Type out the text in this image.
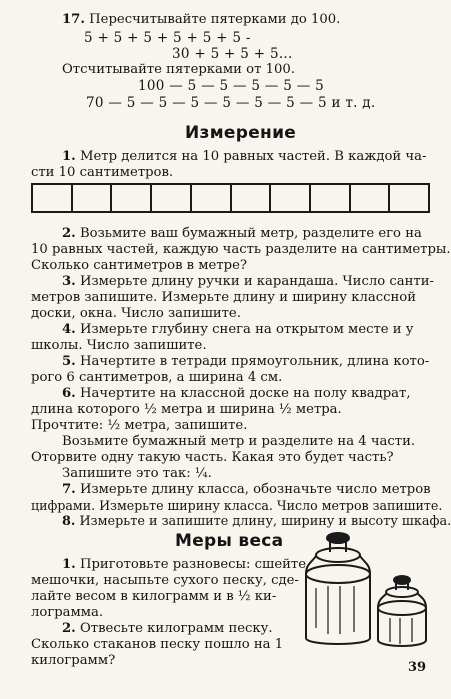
17. Пересчитывайте пятерками до 100.
5 + 5 + 5 + 5 + 5 + 5 -
30 + 5 + 5 + 5...
Отсчитывайте пятерками от 100.
100 — 5 — 5 — 5 — 5 — 5
70 — 5 — 5 — 5 — 5 — 5 — 5 — 5 и т. д.
Измерение
1. Метр делится на 10 равных частей. В каждой ча-
сти 10 сантиметров.
2. Возьмите ваш бумажный метр, разделите его на
10 равных частей, каждую часть разделите на сантиметры.
Сколько сантиметров в метре?
3. Измерьте длину ручки и карандаша. Число санти-
метров запишите. Измерьте длину и ширину классной
доски, окна. Число запишите.
4. Измерьте глубину снега на открытом месте и у
школы. Число запишите.
5. Начертите в тетради прямоугольник, длина кото-
рого 6 сантиметров, а ширина 4 см.
6. Начертите на классной доске на полу квадрат,
длина которого ½ метра и ширина ½ метра.
Прочтите: ½ метра, запишите.
Возьмите бумажный метр и разделите на 4 части.
Оторвите одну такую часть. Какая это будет часть?
Запишите это так: ¼.
7. Измерьте длину класса, обозначьте число метров
цифрами. Измерьте ширину класса. Число метров запишите.
8. Измерьте и запишите длину, ширину и высоту шкафа.
Меры веса
1. Приготовьте разновесы: сшейте
мешочки, насыпьте сухого песку, сде-
лайте весом в килограмм и в ½ ки-
лограмма.
2. Отвесьте килограмм песку.
Сколько стаканов песку пошло на 1
килограмм?	39
